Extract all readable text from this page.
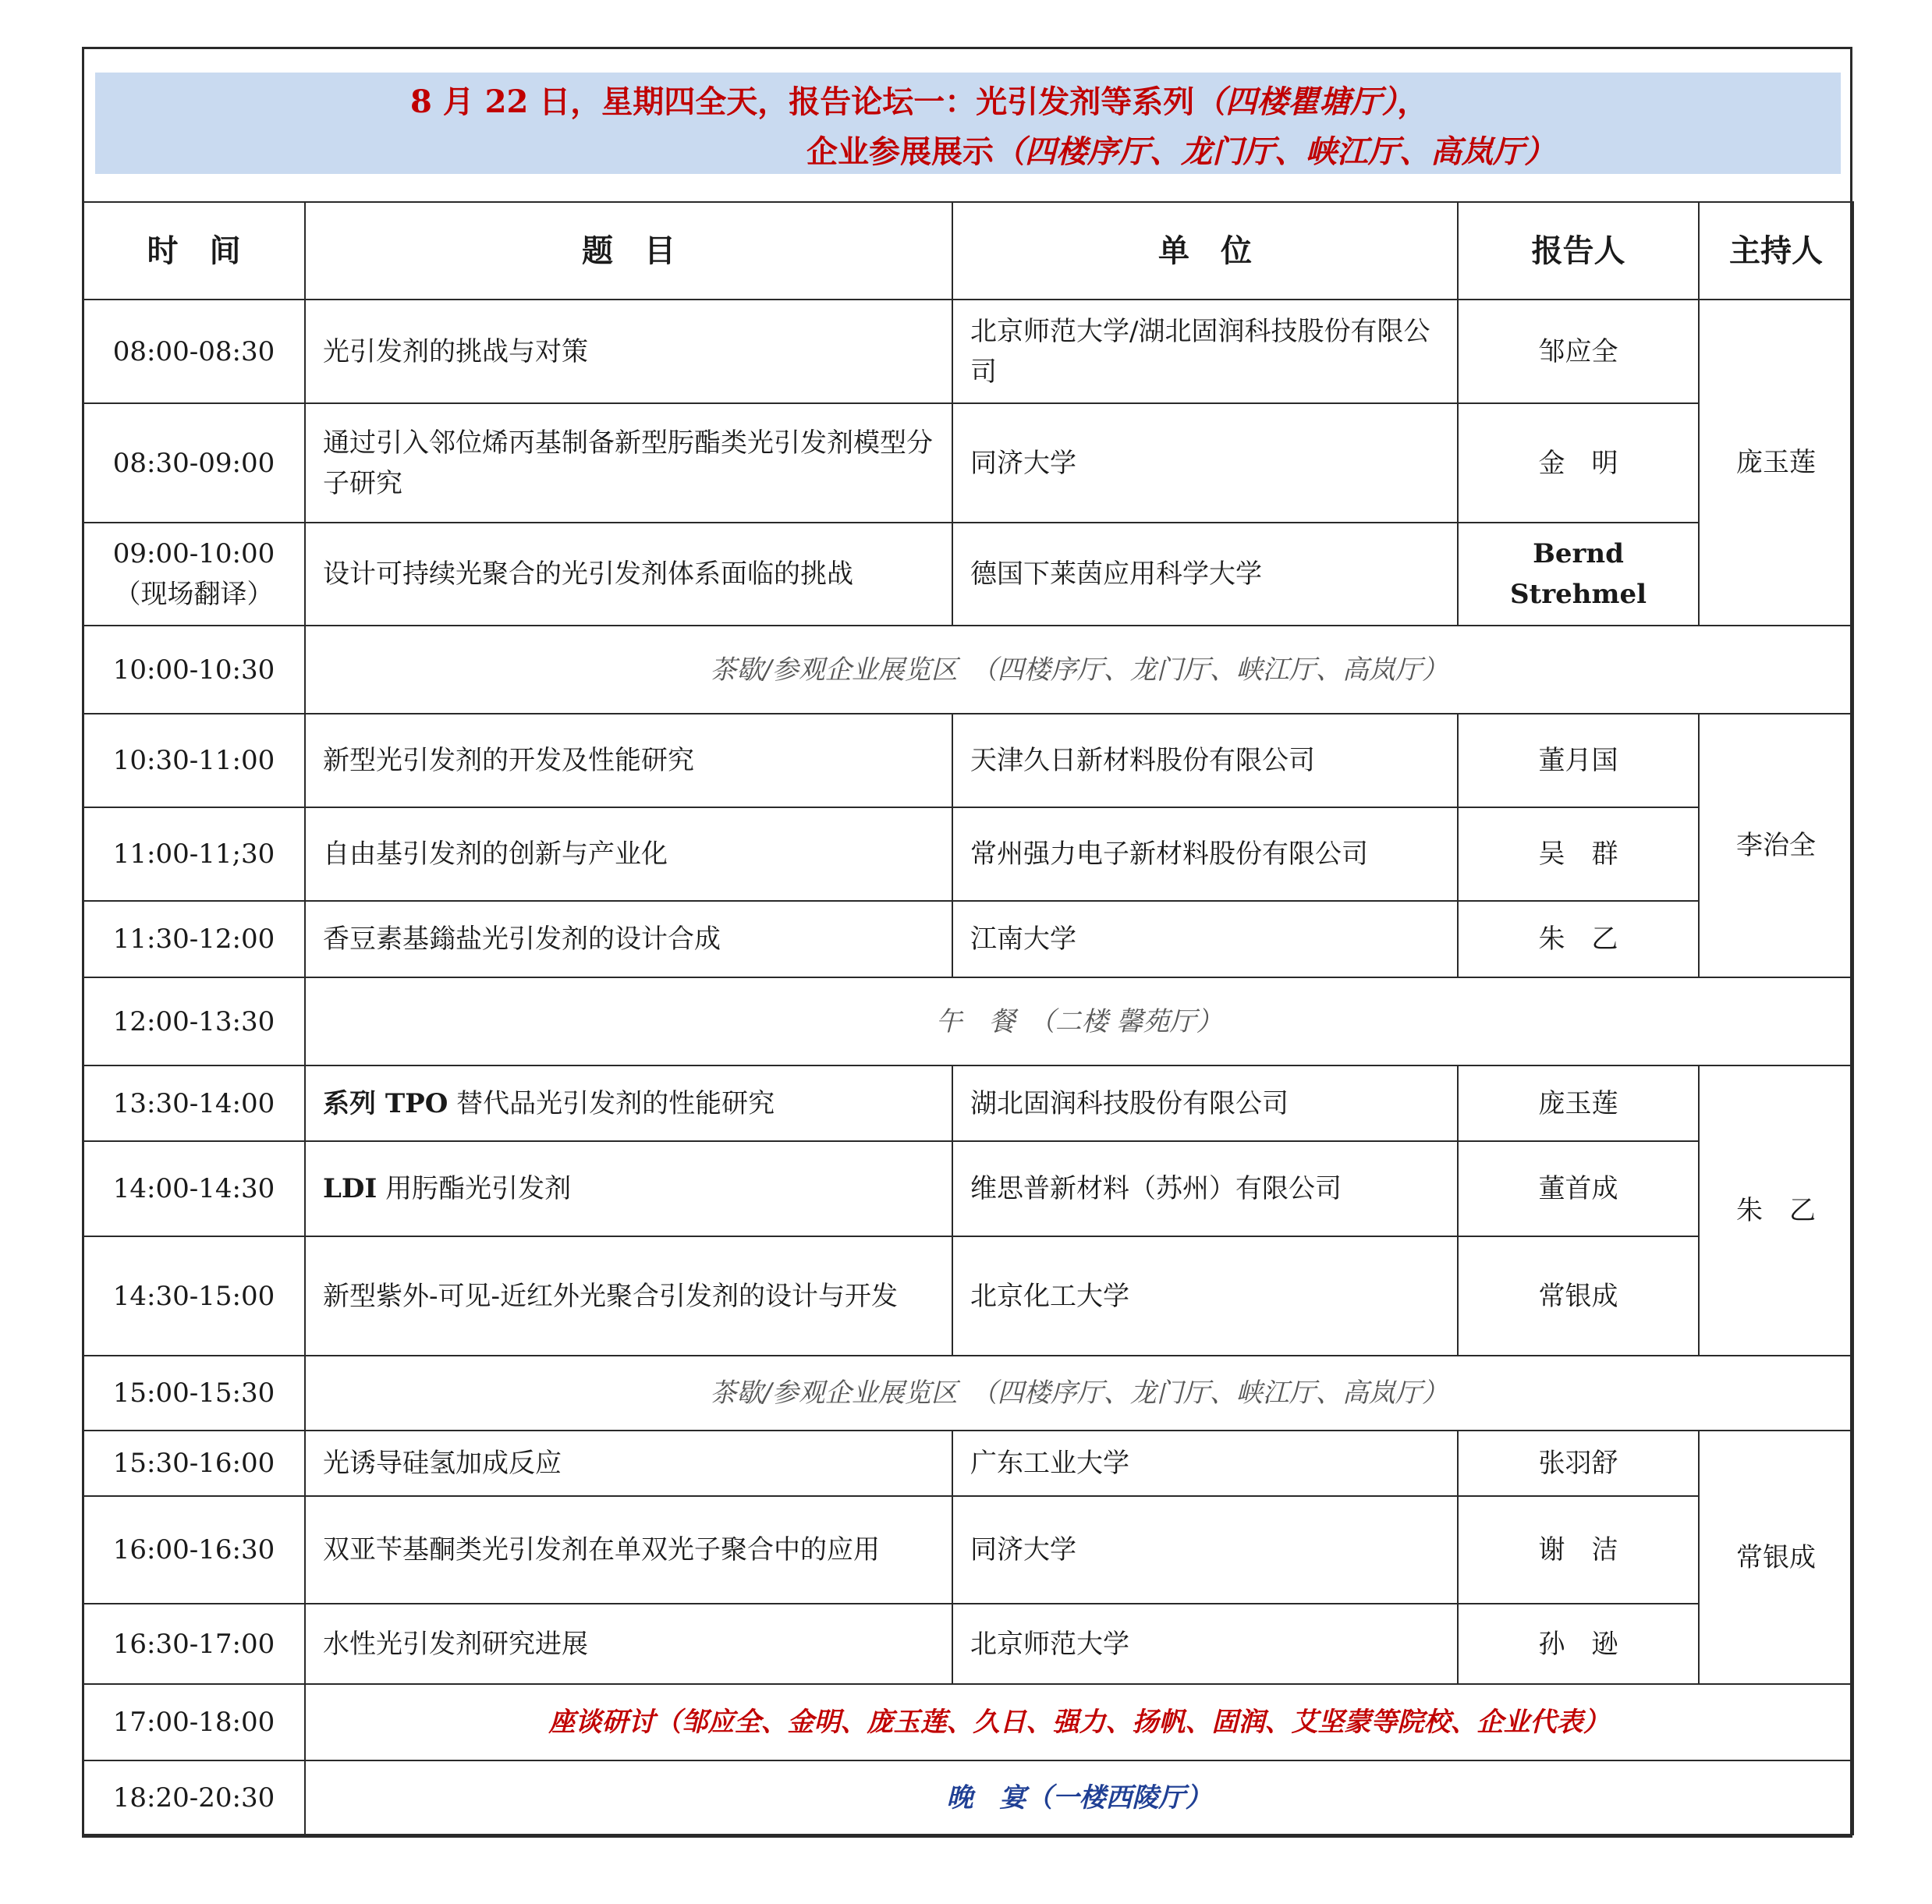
8 月 22 日，星期四全天，报告论坛一：光引发剂等系列（四楼瞿塘厅），
企业参展展示（四楼序厅、龙门厅、峡江厅、高岚厅）
时　间	题　目	单　位	报告人	主持人
08:00-08:30	光引发剂的挑战与对策	北京师范大学/湖北固润科技股份有限公司	邹应全	庞玉莲
08:30-09:00	通过引入邻位烯丙基制备新型肟酯类光引发剂模型分子研究	同济大学	金　明	

09:00-10:00
（现场翻译）	设计可持续光聚合的光引发剂体系面临的挑战	德国下莱茵应用科学大学	Bernd Strehmel	
10:00-10:30	茶歇/参观企业展览区　（四楼序厅、龙门厅、峡江厅、高岚厅）			
10:30-11:00	新型光引发剂的开发及性能研究	天津久日新材料股份有限公司	董月国	李治全
11:00-11;30	自由基引发剂的创新与产业化	常州强力电子新材料股份有限公司	吴　群	
11:30-12:00	香豆素基鎓盐光引发剂的设计合成	江南大学	朱　乙	
12:00-13:30	午　餐　（二楼 馨苑厅）			
13:30-14:00	系列 TPO 替代品光引发剂的性能研究	湖北固润科技股份有限公司	庞玉莲	朱　乙
14:00-14:30	LDI 用肟酯光引发剂	维思普新材料（苏州）有限公司	董首成	
14:30-15:00	新型紫外-可见-近红外光聚合引发剂的设计与开发	北京化工大学	常银成	
15:00-15:30	茶歇/参观企业展览区　（四楼序厅、龙门厅、峡江厅、高岚厅）			
15:30-16:00	光诱导硅氢加成反应	广东工业大学	张羽舒	常银成
16:00-16:30	双亚苄基酮类光引发剂在单双光子聚合中的应用	同济大学	谢　洁	
16:30-17:00	水性光引发剂研究进展	北京师范大学	孙　逊	
17:00-18:00	座谈研讨（邹应全、金明、庞玉莲、久日、强力、扬帆、固润、艾坚蒙等院校、企业代表）			
18:20-20:30	晚　宴（一楼西陵厅）			
